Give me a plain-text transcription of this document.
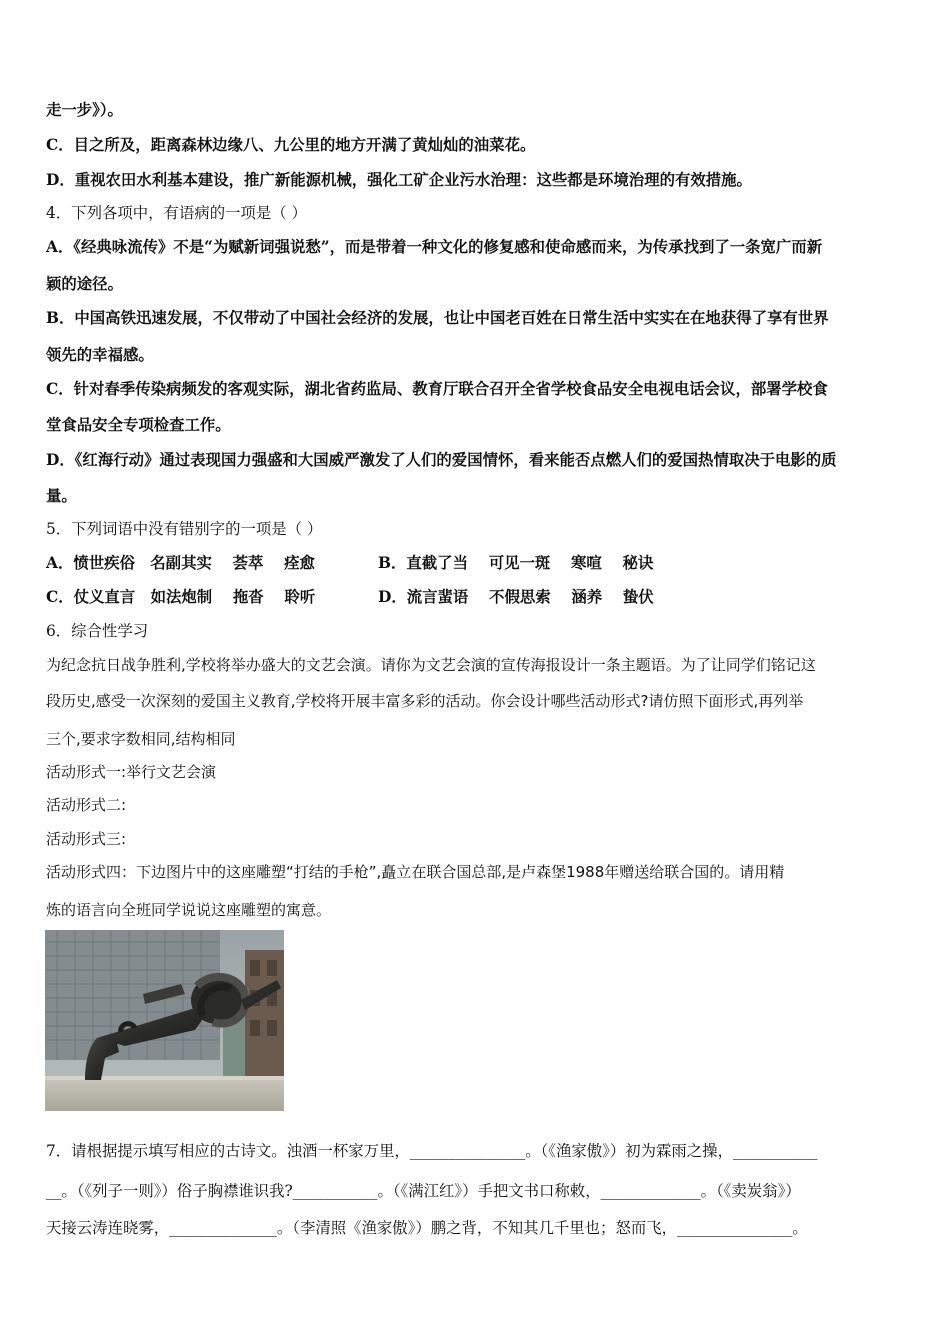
走一步》）。
C．目之所及，距离森林边缘八、九公里的地方开满了黄灿灿的油菜花。
D．重视农田水利基本建设，推广新能源机械，强化工矿企业污水治理：这些都是环境治理的有效措施。
4．下列各项中，有语病的一项是（ ）
A．《经典咏流传》不是“为赋新词强说愁”，而是带着一种文化的修复感和使命感而来，为传承找到了一条宽广而新
颖的途径。
B．中国高铁迅速发展，不仅带动了中国社会经济的发展，也让中国老百姓在日常生活中实实在在地获得了享有世界
领先的幸福感。
C．针对春季传染病频发的客观实际，湖北省药监局、教育厅联合召开全省学校食品安全电视电话会议，部署学校食
堂食品安全专项检查工作。
D．《红海行动》通过表现国力强盛和大国威严激发了人们的爱国情怀，看来能否点燃人们的爱国热情取决于电影的质
量。
5．下列词语中没有错别字的一项是（ ）
A．愤世疾俗　名副其实　 荟萃　 痊愈	B．直截了当　 可见一斑　 寒喧　 秘诀
C．仗义直言　如法炮制　 拖沓　 聆听	D．流言蜚语　 不假思索　 涵养　 蛰伏
6．综合性学习
为纪念抗日战争胜利,学校将举办盛大的文艺会演。请你为文艺会演的宣传海报设计一条主题语。为了让同学们铭记这
段历史,感受一次深刻的爱国主义教育,学校将开展丰富多彩的活动。你会设计哪些活动形式?请仿照下面形式,再列举
三个,要求字数相同,结构相同
活动形式一:举行文艺会演
活动形式二:
活动形式三:
活动形式四：下边图片中的这座雕塑“打结的手枪”,矗立在联合国总部,是卢森堡1988年赠送给联合国的。请用精
炼的语言向全班同学说说这座雕塑的寓意。
7．请根据提示填写相应的古诗文。浊酒一杯家万里，_______________。（《渔家傲》）初为霖雨之操，___________
__。（《列子一则》）俗子胸襟谁识我?___________。（《满江红》）手把文书口称敕，_____________。（《卖炭翁》）
天接云涛连晓雾，______________。（李清照《渔家傲》）鹏之背，不知其几千里也；怒而飞，_______________。
